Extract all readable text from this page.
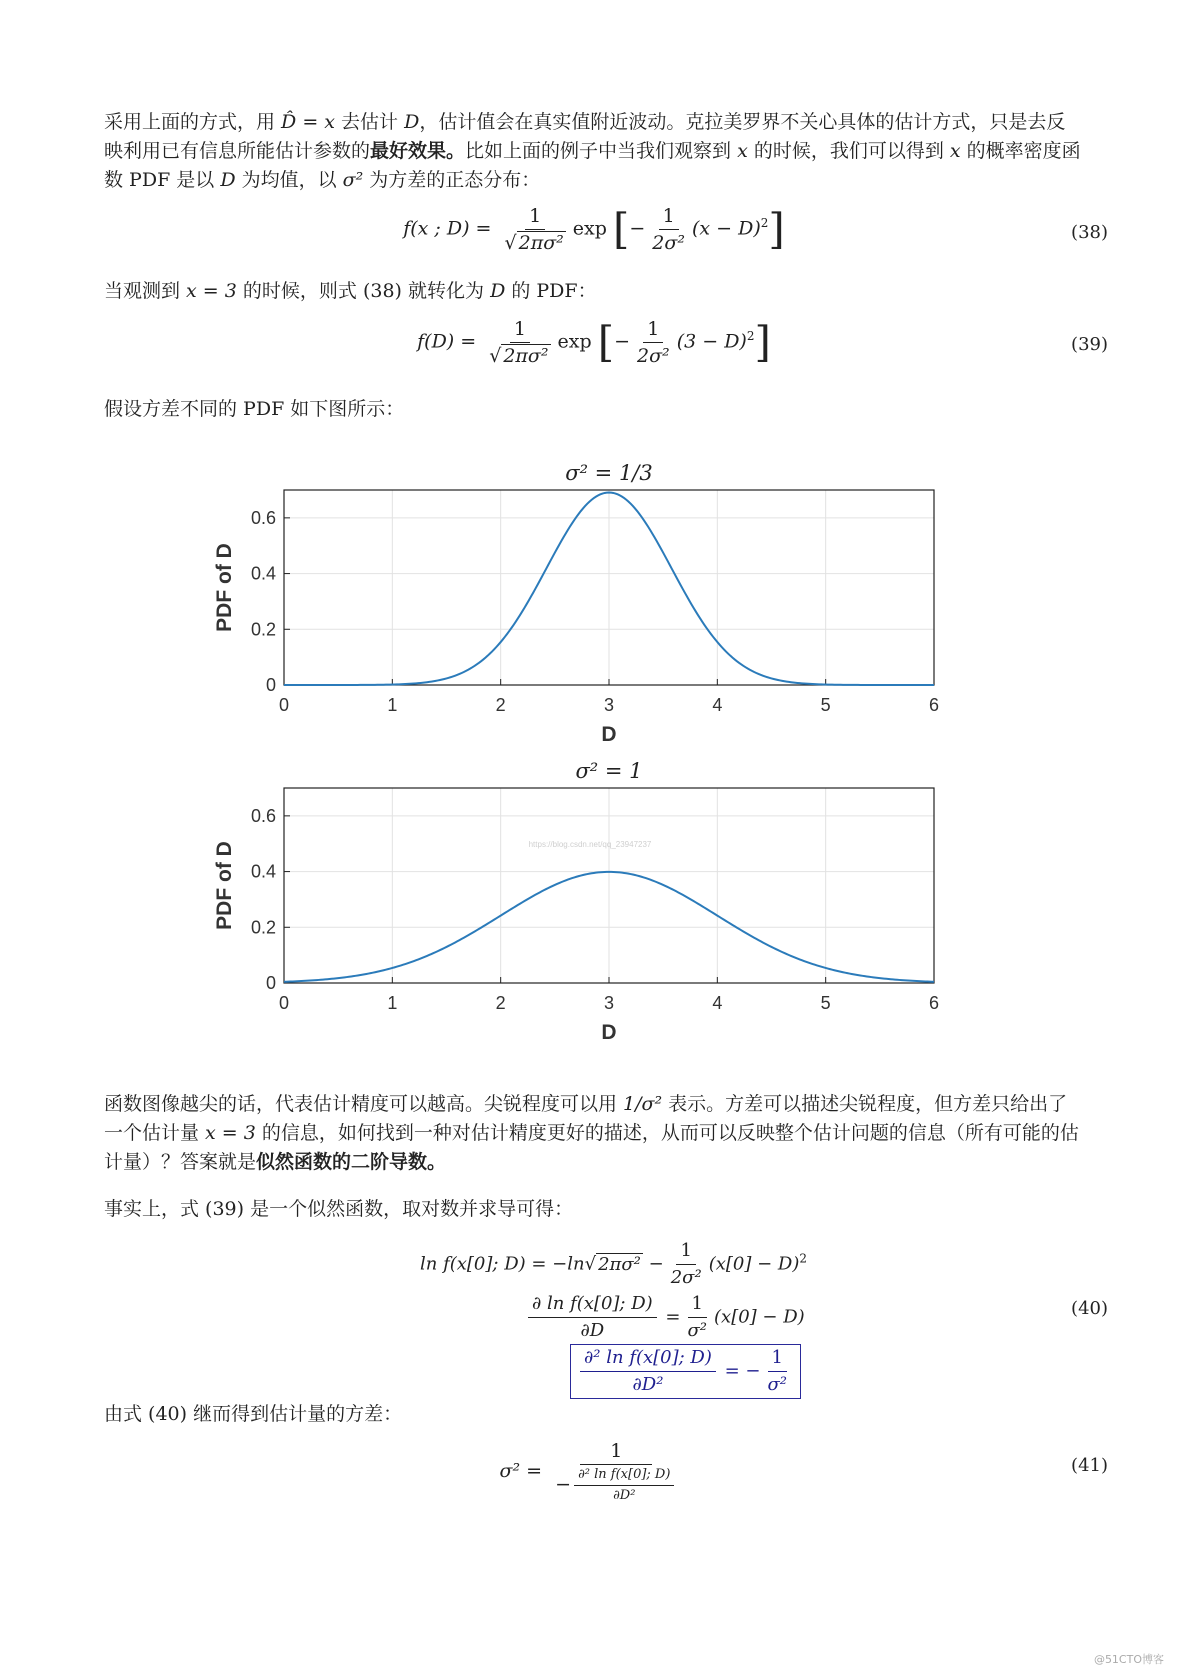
采用上面的方式，用 D̂ = x 去估计 D，估计值会在真实值附近波动。克拉美罗界不关心具体的估计方式，只是去反映利用已有信息所能估计参数的最好效果。比如上面的例子中当我们观察到 x 的时候，我们可以得到 x 的概率密度函数 PDF 是以 D 为均值，以 σ² 为方差的正态分布：
f(x ; $D) = \frac{1}{\text{√ 2πσ²}}$ exp [− $\frac{1}{\text{2σ²}} (x - D)^2$]	(38)
当观测到 x = 3 的时候，则式 (38) 就转化为 D 的 PDF：
$f(D) = \frac{1}{\text{√ 2πσ²}}$ exp [− $\frac{1}{\text{2σ²}} (3 - D)^2$]	(39)
假设方差不同的 PDF 如下图所示：
0	1	2	3	4	5	6
0
0.2
0.4
0.6
σ² = 1/3
D
PDF of D
0	1	2	3	4	5	6
0
0.2
0.4
0.6
σ² = 1
D
PDF of D	https://blog.csdn.net/qq_23947237
函数图像越尖的话，代表估计精度可以越高。尖锐程度可以用 1/σ² 表示。方差可以描述尖锐程度，但方差只给出了一个估计量 x = 3 的信息，如何找到一种对估计精度更好的描述，从而可以反映整个估计问题的信息（所有可能的估计量）？答案就是似然函数的二阶导数。
事实上，式 (39) 是一个似然函数，取对数并求导可得：
ln f(x[0]; D) = −ln√ $2\pi\sigma^2 - \frac{1}{\text{2σ²}} (x[0] - D)^2$
$\frac{\text{∂ ln f(x[0]; D)}}{\partial D} = \frac{1}{\text{σ²}} (x[0] - D)$
$\frac{\text{∂² ln f(x[0]; D)}}{\text{∂D²}}$ = − $\frac{1}{\text{σ²}}$
(40)
由式 (40) 继而得到估计量的方差：
$\sigma^2 = \frac{1}{- \frac{\text{∂² ln f(x[0]; D)}}{\text{∂D²}}}$	(41)
@51CTO博客
